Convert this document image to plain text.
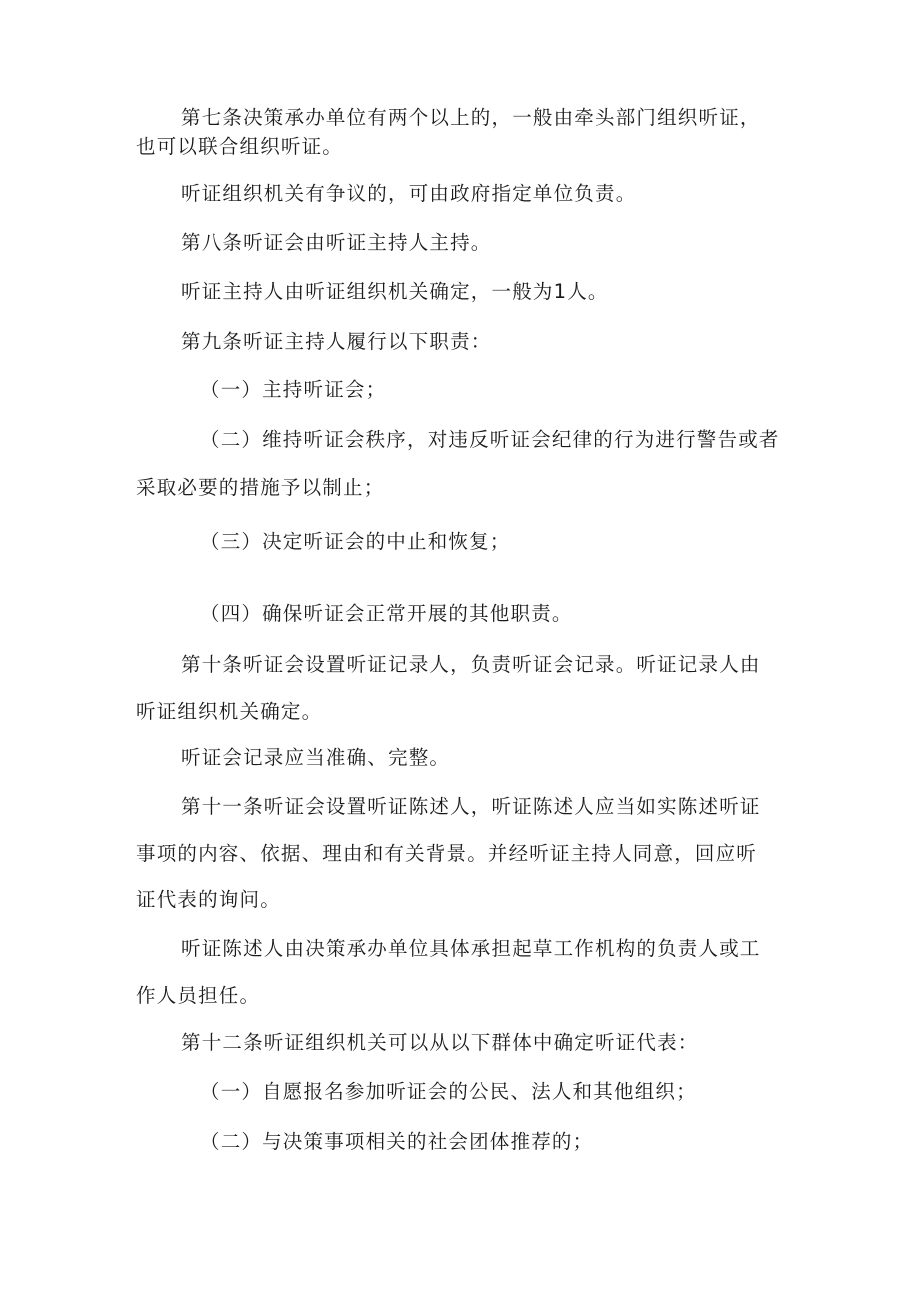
第七条决策承办单位有两个以上的，一般由牵头部门组织听证，
也可以联合组织听证。
听证组织机关有争议的，可由政府指定单位负责。
第八条听证会由听证主持人主持。
听证主持人由听证组织机关确定，一般为1人。
第九条听证主持人履行以下职责：
（一）主持听证会；
（二）维持听证会秩序，对违反听证会纪律的行为进行警告或者
采取必要的措施予以制止；
（三）决定听证会的中止和恢复；
（四）确保听证会正常开展的其他职责。
第十条听证会设置听证记录人，负责听证会记录。听证记录人由
听证组织机关确定。
听证会记录应当准确、完整。
第十一条听证会设置听证陈述人，听证陈述人应当如实陈述听证
事项的内容、依据、理由和有关背景。并经听证主持人同意，回应听
证代表的询问。
听证陈述人由决策承办单位具体承担起草工作机构的负责人或工
作人员担任。
第十二条听证组织机关可以从以下群体中确定听证代表：
（一）自愿报名参加听证会的公民、法人和其他组织；
（二）与决策事项相关的社会团体推荐的；
